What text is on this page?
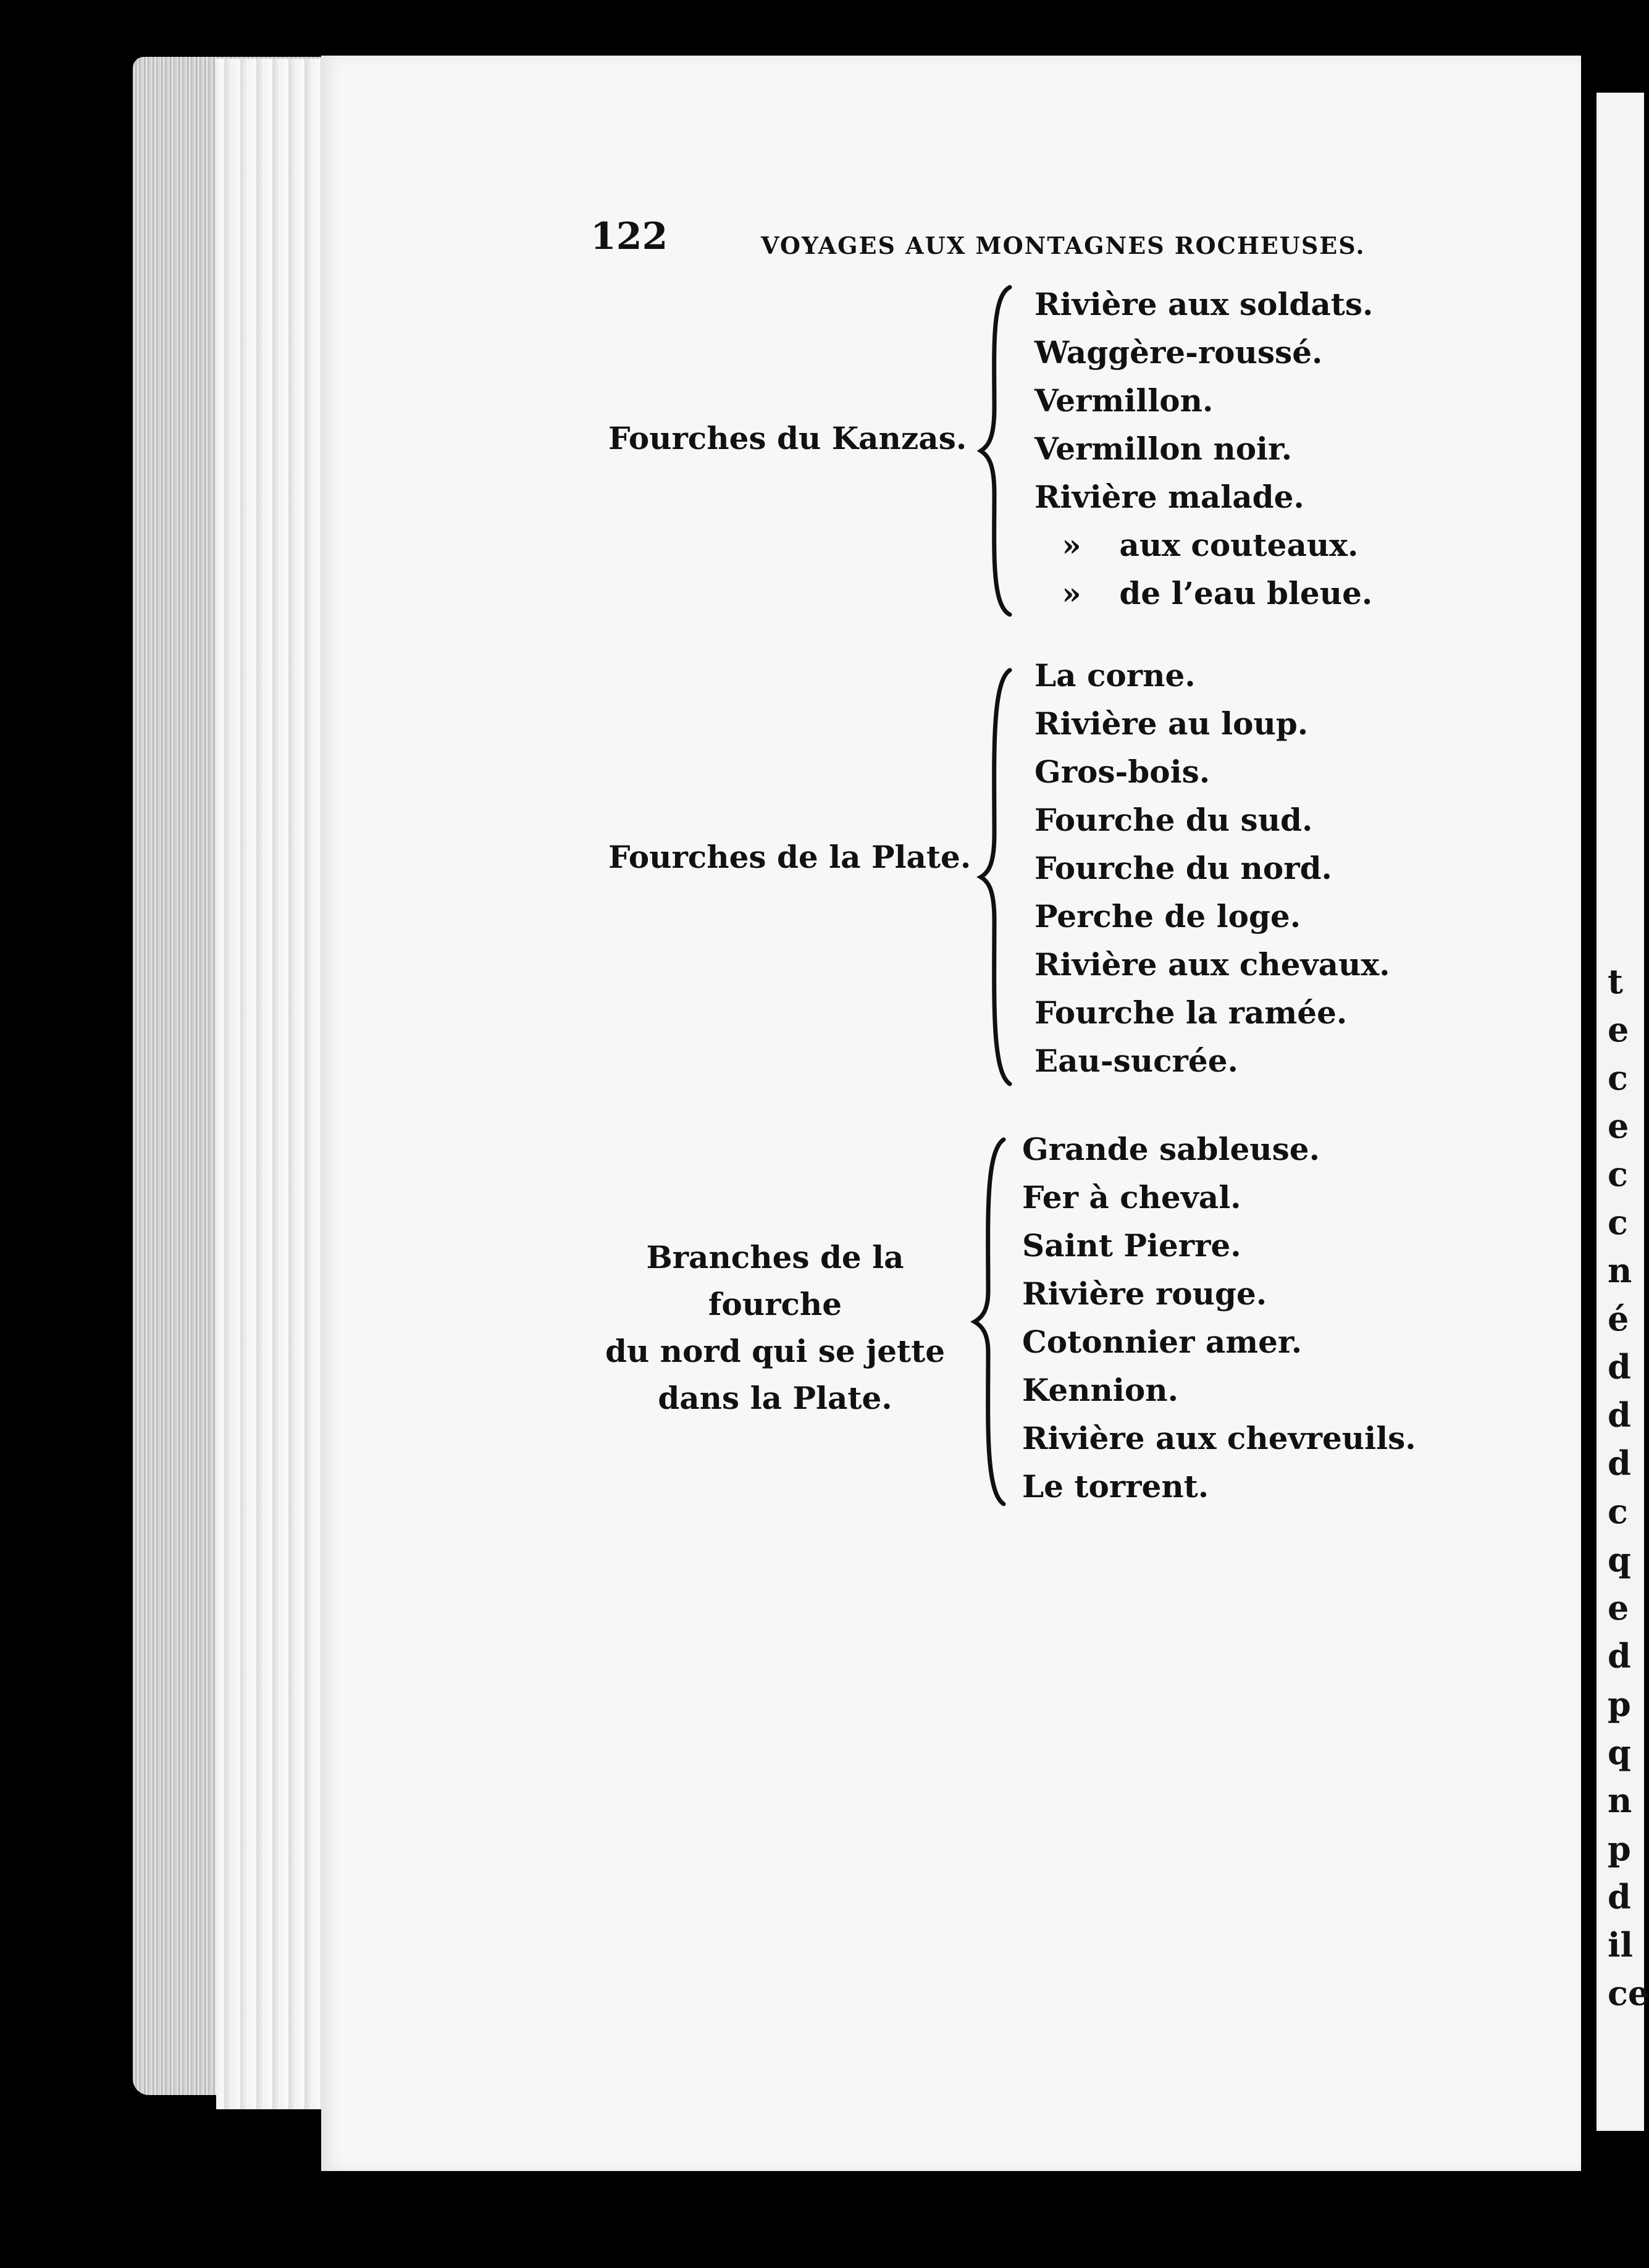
t
e
c
e
c
c
n
é
d
d
d
c
q
e
d
p
q
n
p
d
il
ce
122	VOYAGES AUX MONTAGNES ROCHEUSES.
Fourches du Kanzas.
Rivière aux soldats.
Waggère-roussé.
Vermillon.
Vermillon noir.
Rivière malade.
» aux couteaux.
» de l’eau bleue.
Fourches de la Plate.
La corne.
Rivière au loup.
Gros-bois.
Fourche du sud.
Fourche du nord.
Perche de loge.
Rivière aux chevaux.
Fourche la ramée.
Eau-sucrée.
Branches de la fourche
du nord qui se jette
dans la Plate.
Grande sableuse.
Fer à cheval.
Saint Pierre.
Rivière rouge.
Cotonnier amer.
Kennion.
Rivière aux chevreuils.
Le torrent.
